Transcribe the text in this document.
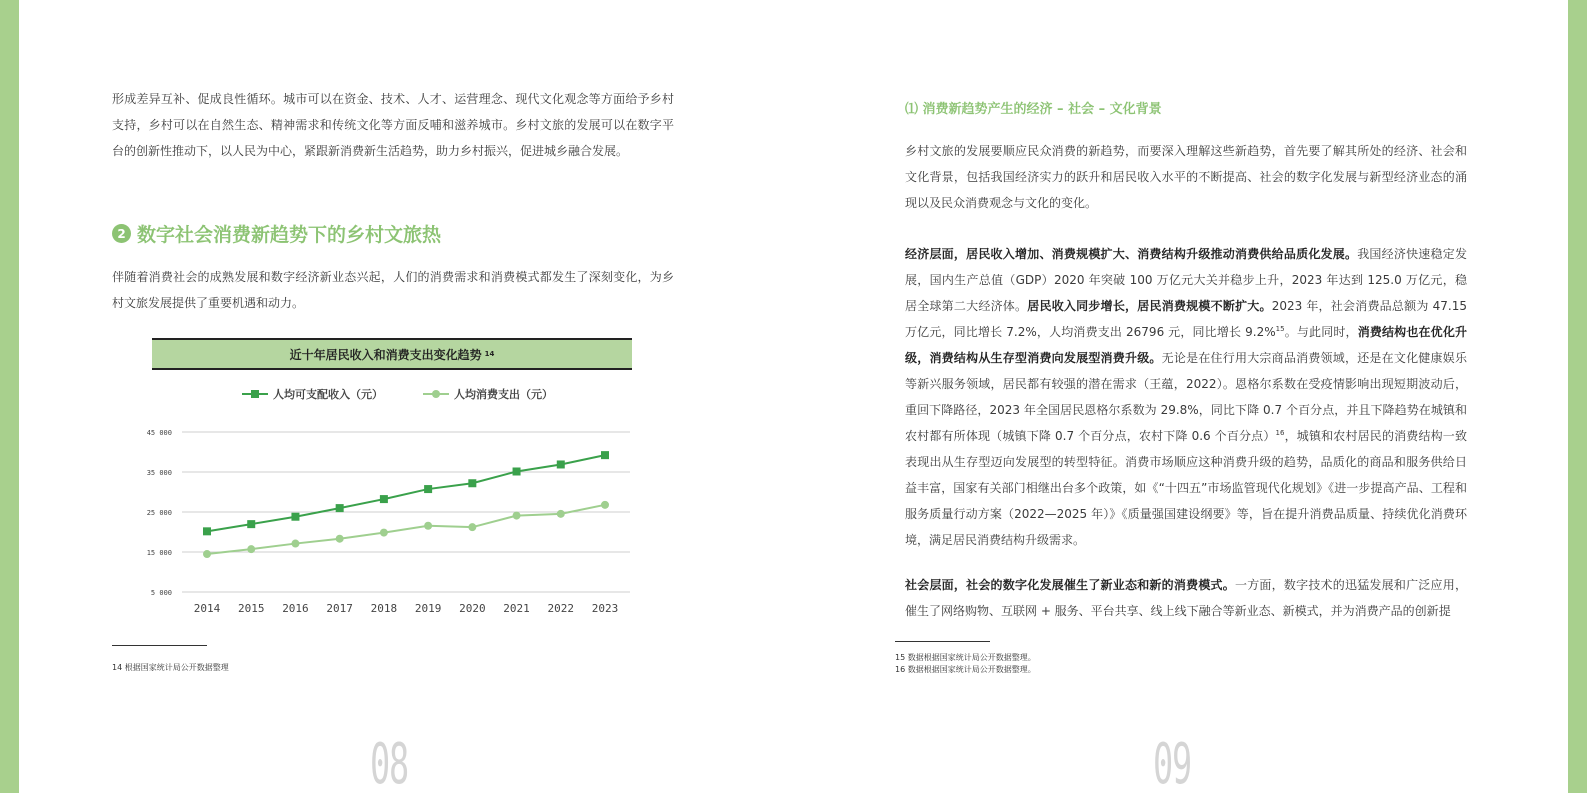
形成差异互补、促成良性循环。城市可以在资金、技术、人才、运营理念、现代文化观念等方面给予乡村支持，乡村可以在自然生态、精神需求和传统文化等方面反哺和滋养城市。乡村文旅的发展可以在数字平台的创新性推动下，以人民为中心，紧跟新消费新生活趋势，助力乡村振兴，促进城乡融合发展。

2 数字社会消费新趋势下的乡村文旅热

伴随着消费社会的成熟发展和数字经济新业态兴起，人们的消费需求和消费模式都发生了深刻变化，为乡村文旅发展提供了重要机遇和动力。

近十年居民收入和消费支出变化趋势 14
人均可支配收入（元）	人均消费支出（元）
5 000
15 000
25 000
35 000
45 000
2014 2015 2016 2017 2018 2019 2020 2021 2022 2023
14 根据国家统计局公开数据整理
08
⑴ 消费新趋势产生的经济 – 社会 – 文化背景

乡村文旅的发展要顺应民众消费的新趋势，而要深入理解这些新趋势，首先要了解其所处的经济、社会和文化背景，包括我国经济实力的跃升和居民收入水平的不断提高、社会的数字化发展与新型经济业态的涌现以及民众消费观念与文化的变化。

经济层面，居民收入增加、消费规模扩大、消费结构升级推动消费供给品质化发展。我国经济快速稳定发展，国内生产总值（GDP）2020 年突破 100 万亿元大关并稳步上升，2023 年达到 125.0 万亿元，稳居全球第二大经济体。居民收入同步增长，居民消费规模不断扩大。2023 年，社会消费品总额为 47.15 万亿元，同比增长 7.2%，人均消费支出 26796 元，同比增长 9.2%$^{15}$。与此同时，消费结构也在优化升级，消费结构从生存型消费向发展型消费升级。无论是在住行用大宗商品消费领域，还是在文化健康娱乐等新兴服务领域，居民都有较强的潜在需求（王蕴，2022）。恩格尔系数在受疫情影响出现短期波动后，重回下降路径，2023 年全国居民恩格尔系数为 29.8%，同比下降 0.7 个百分点，并且下降趋势在城镇和农村都有所体现（城镇下降 0.7 个百分点，农村下降 0.6 个百分点）$^{16}$，城镇和农村居民的消费结构一致表现出从生存型迈向发展型的转型特征。消费市场顺应这种消费升级的趋势，品质化的商品和服务供给日益丰富，国家有关部门相继出台多个政策，如《“十四五”市场监管现代化规划》《进一步提高产品、工程和服务质量行动方案（2022—2025 年）》《质量强国建设纲要》等，旨在提升消费品质量、持续优化消费环境，满足居民消费结构升级需求。

社会层面，社会的数字化发展催生了新业态和新的消费模式。一方面，数字技术的迅猛发展和广泛应用，催生了网络购物、互联网 + 服务、平台共享、线上线下融合等新业态、新模式，并为消费产品的创新提

15 数据根据国家统计局公开数据整理。
16 数据根据国家统计局公开数据整理。
09
